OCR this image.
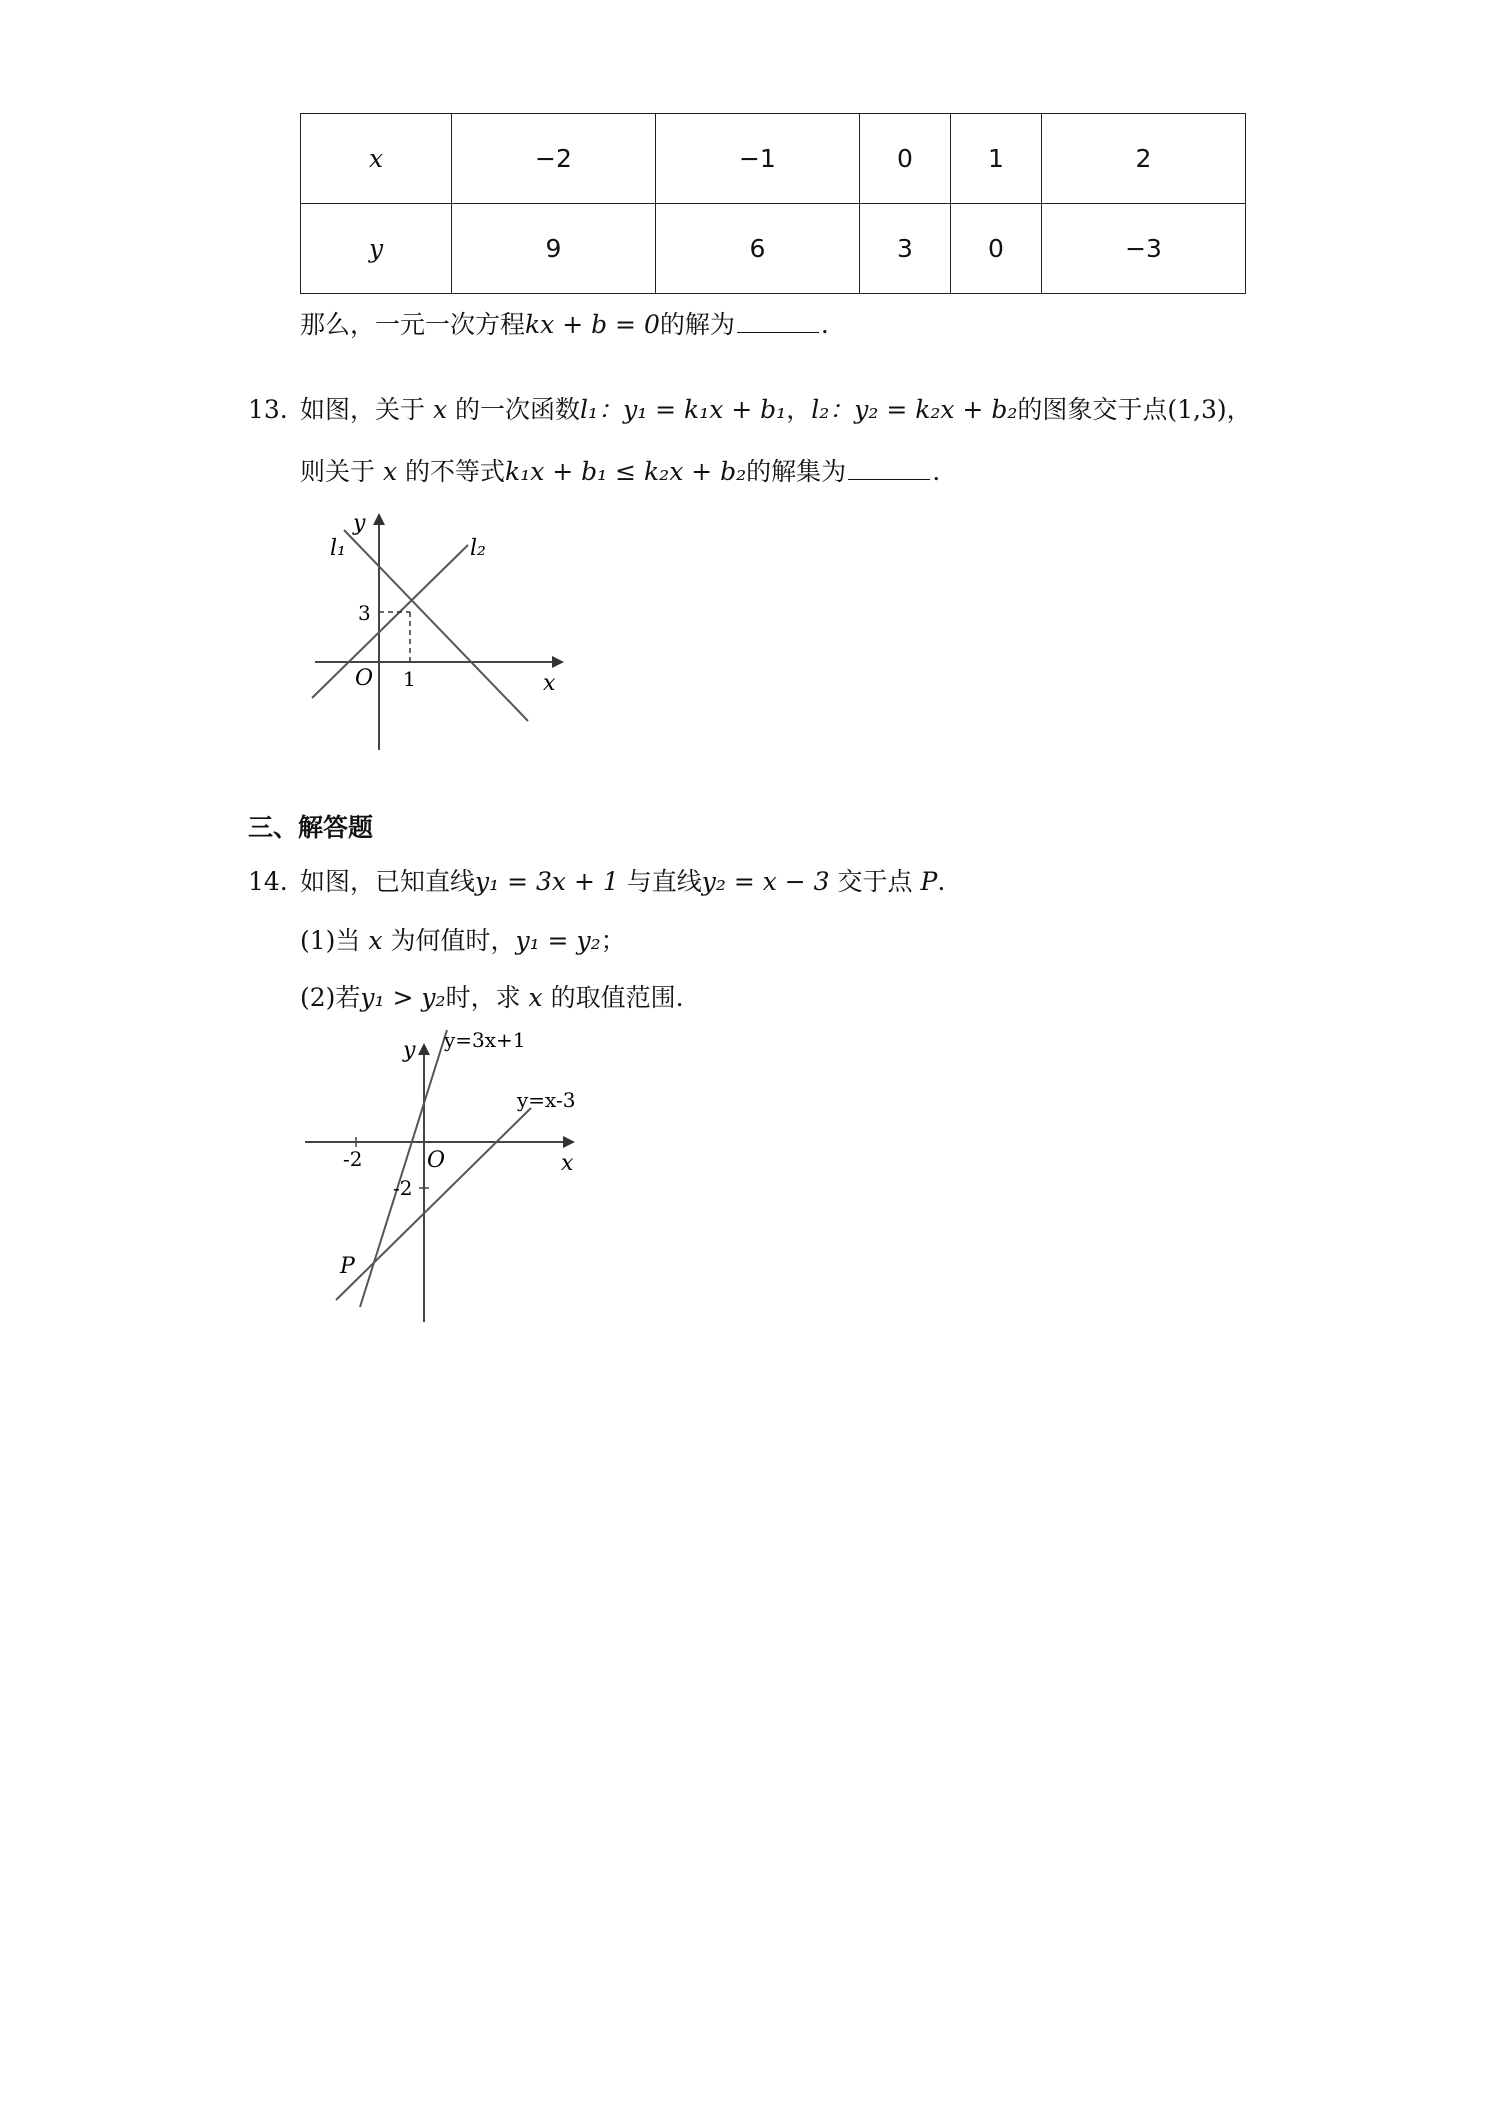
x	−2	−1	0	1	2
y	9	6	3	0	−3
那么，一元一次方程kx + b = 0的解为	.
13. 如图，关于 x 的一次函数l₁：y₁ = k₁x + b₁，l₂：y₂ = k₂x + b₂的图象交于点(1,3)，
则关于 x 的不等式k₁x + b₁ ≤ k₂x + b₂的解集为	.
y
x
O 1
3
l₁	l₂
三、解答题
14. 如图，已知直线y₁ = 3x + 1 与直线y₂ = x − 3 交于点 P.
(1)当 x 为何值时，y₁ = y₂；
(2)若y₁ > y₂时，求 x 的取值范围.
y
x
O
-2
-2
y=3x+1
y=x-3
P
